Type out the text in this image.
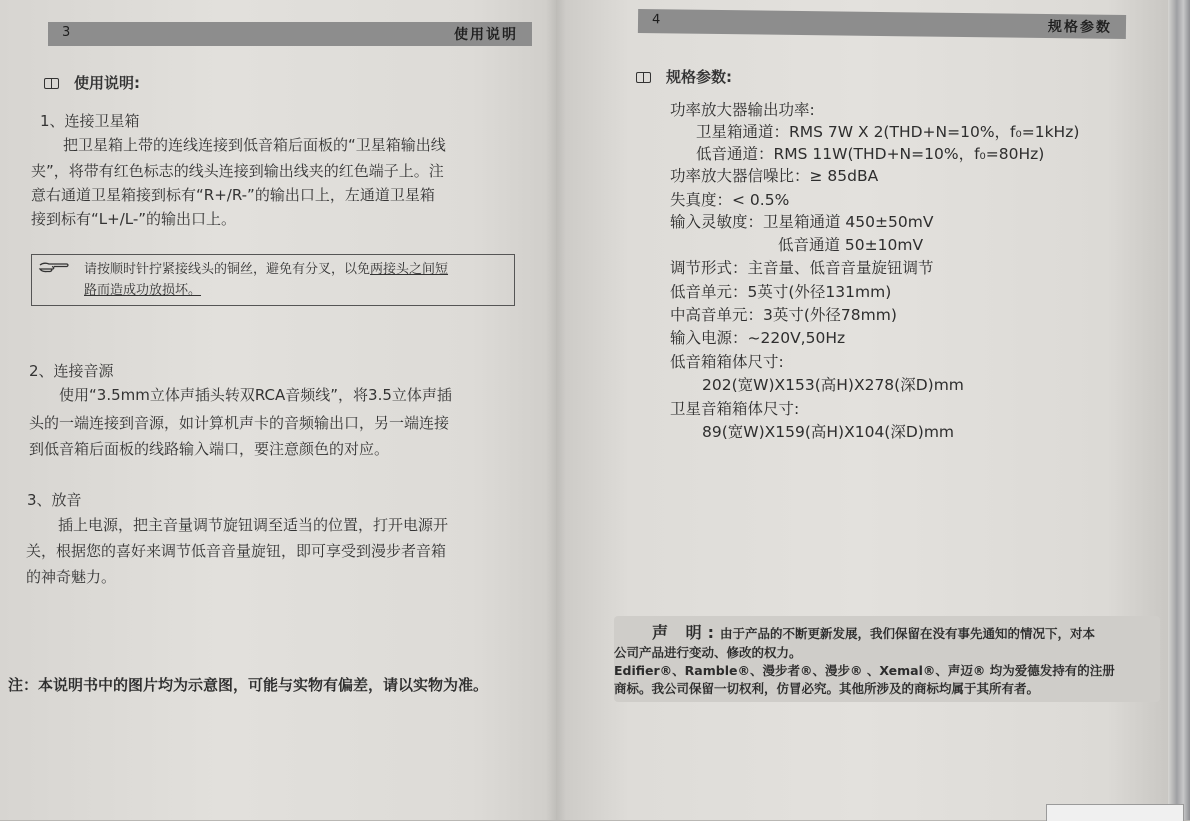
3	使用说明
使用说明:
1、连接卫星箱
把卫星箱上带的连线连接到低音箱后面板的“卫星箱输出线
夹”，将带有红色标志的线头连接到输出线夹的红色端子上。注
意右通道卫星箱接到标有“R+/R-”的输出口上，左通道卫星箱
接到标有“L+/L-”的输出口上。
请按顺时针拧紧接线头的铜丝，避免有分叉，以免两接头之间短
路而造成功放损坏。
2、连接音源
使用“3.5mm立体声插头转双RCA音频线”，将3.5立体声插
头的一端连接到音源，如计算机声卡的音频输出口，另一端连接
到低音箱后面板的线路输入端口，要注意颜色的对应。
3、放音
插上电源，把主音量调节旋钮调至适当的位置，打开电源开
关，根据您的喜好来调节低音音量旋钮，即可享受到漫步者音箱
的神奇魅力。
注：本说明书中的图片均为示意图，可能与实物有偏差，请以实物为准。
4	规格参数
规格参数:
功率放大器输出功率:
卫星箱通道：RMS 7W X 2(THD+N=10%，f₀=1kHz)
低音通道：RMS 11W(THD+N=10%，f₀=80Hz)
功率放大器信噪比：≥ 85dBA
失真度：< 0.5%
输入灵敏度：卫星箱通道 450±50mV
低音通道 50±10mV
调节形式：主音量、低音音量旋钮调节
低音单元：5英寸(外径131mm)
中高音单元：3英寸(外径78mm)
输入电源：~220V,50Hz
低音箱箱体尺寸:
202(宽W)X153(高H)X278(深D)mm
卫星音箱箱体尺寸:
89(宽W)X159(高H)X104(深D)mm
声 明:由于产品的不断更新发展，我们保留在没有事先通知的情况下，对本
公司产品进行变动、修改的权力。
Edifier®、Ramble®、漫步者®、漫步® 、Xemal®、声迈® 均为爱德发持有的注册
商标。我公司保留一切权利，仿冒必究。其他所涉及的商标均属于其所有者。
